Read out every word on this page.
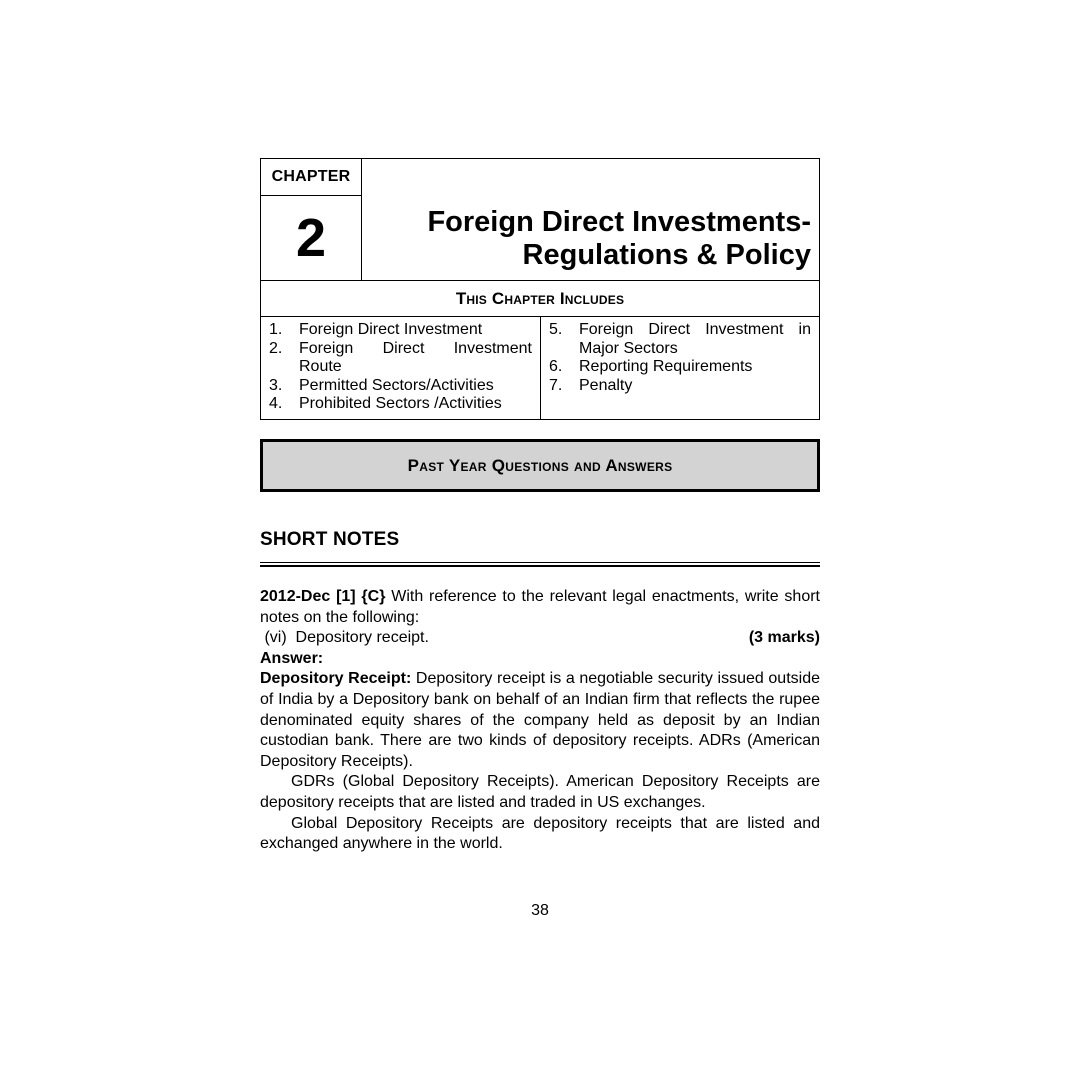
CHAPTER
2	Foreign Direct Investments-
Regulations & Policy
This Chapter Includes
1.	Foreign Direct Investment
2.	Foreign Direct Investment
Route
3.	Permitted Sectors/Activities
4.	Prohibited Sectors /Activities
5.	Foreign Direct Investment in
Major Sectors
6.	Reporting Requirements
7.	Penalty
Past Year Questions and Answers
SHORT NOTES

2012-Dec [1] {C} With reference to the relevant legal enactments, write short notes on the following:

(vi)  Depository receipt.	(3 marks)

Answer:

Depository Receipt: Depository receipt is a negotiable security issued outside of India by a Depository bank on behalf of an Indian firm that reflects the rupee denominated equity shares of the company held as deposit by an Indian custodian bank. There are two kinds of depository receipts. ADRs (American Depository Receipts).

GDRs (Global Depository Receipts). American Depository Receipts are depository receipts that are listed and traded in US exchanges.

Global Depository Receipts are depository receipts that are listed and exchanged anywhere in the world.

38
